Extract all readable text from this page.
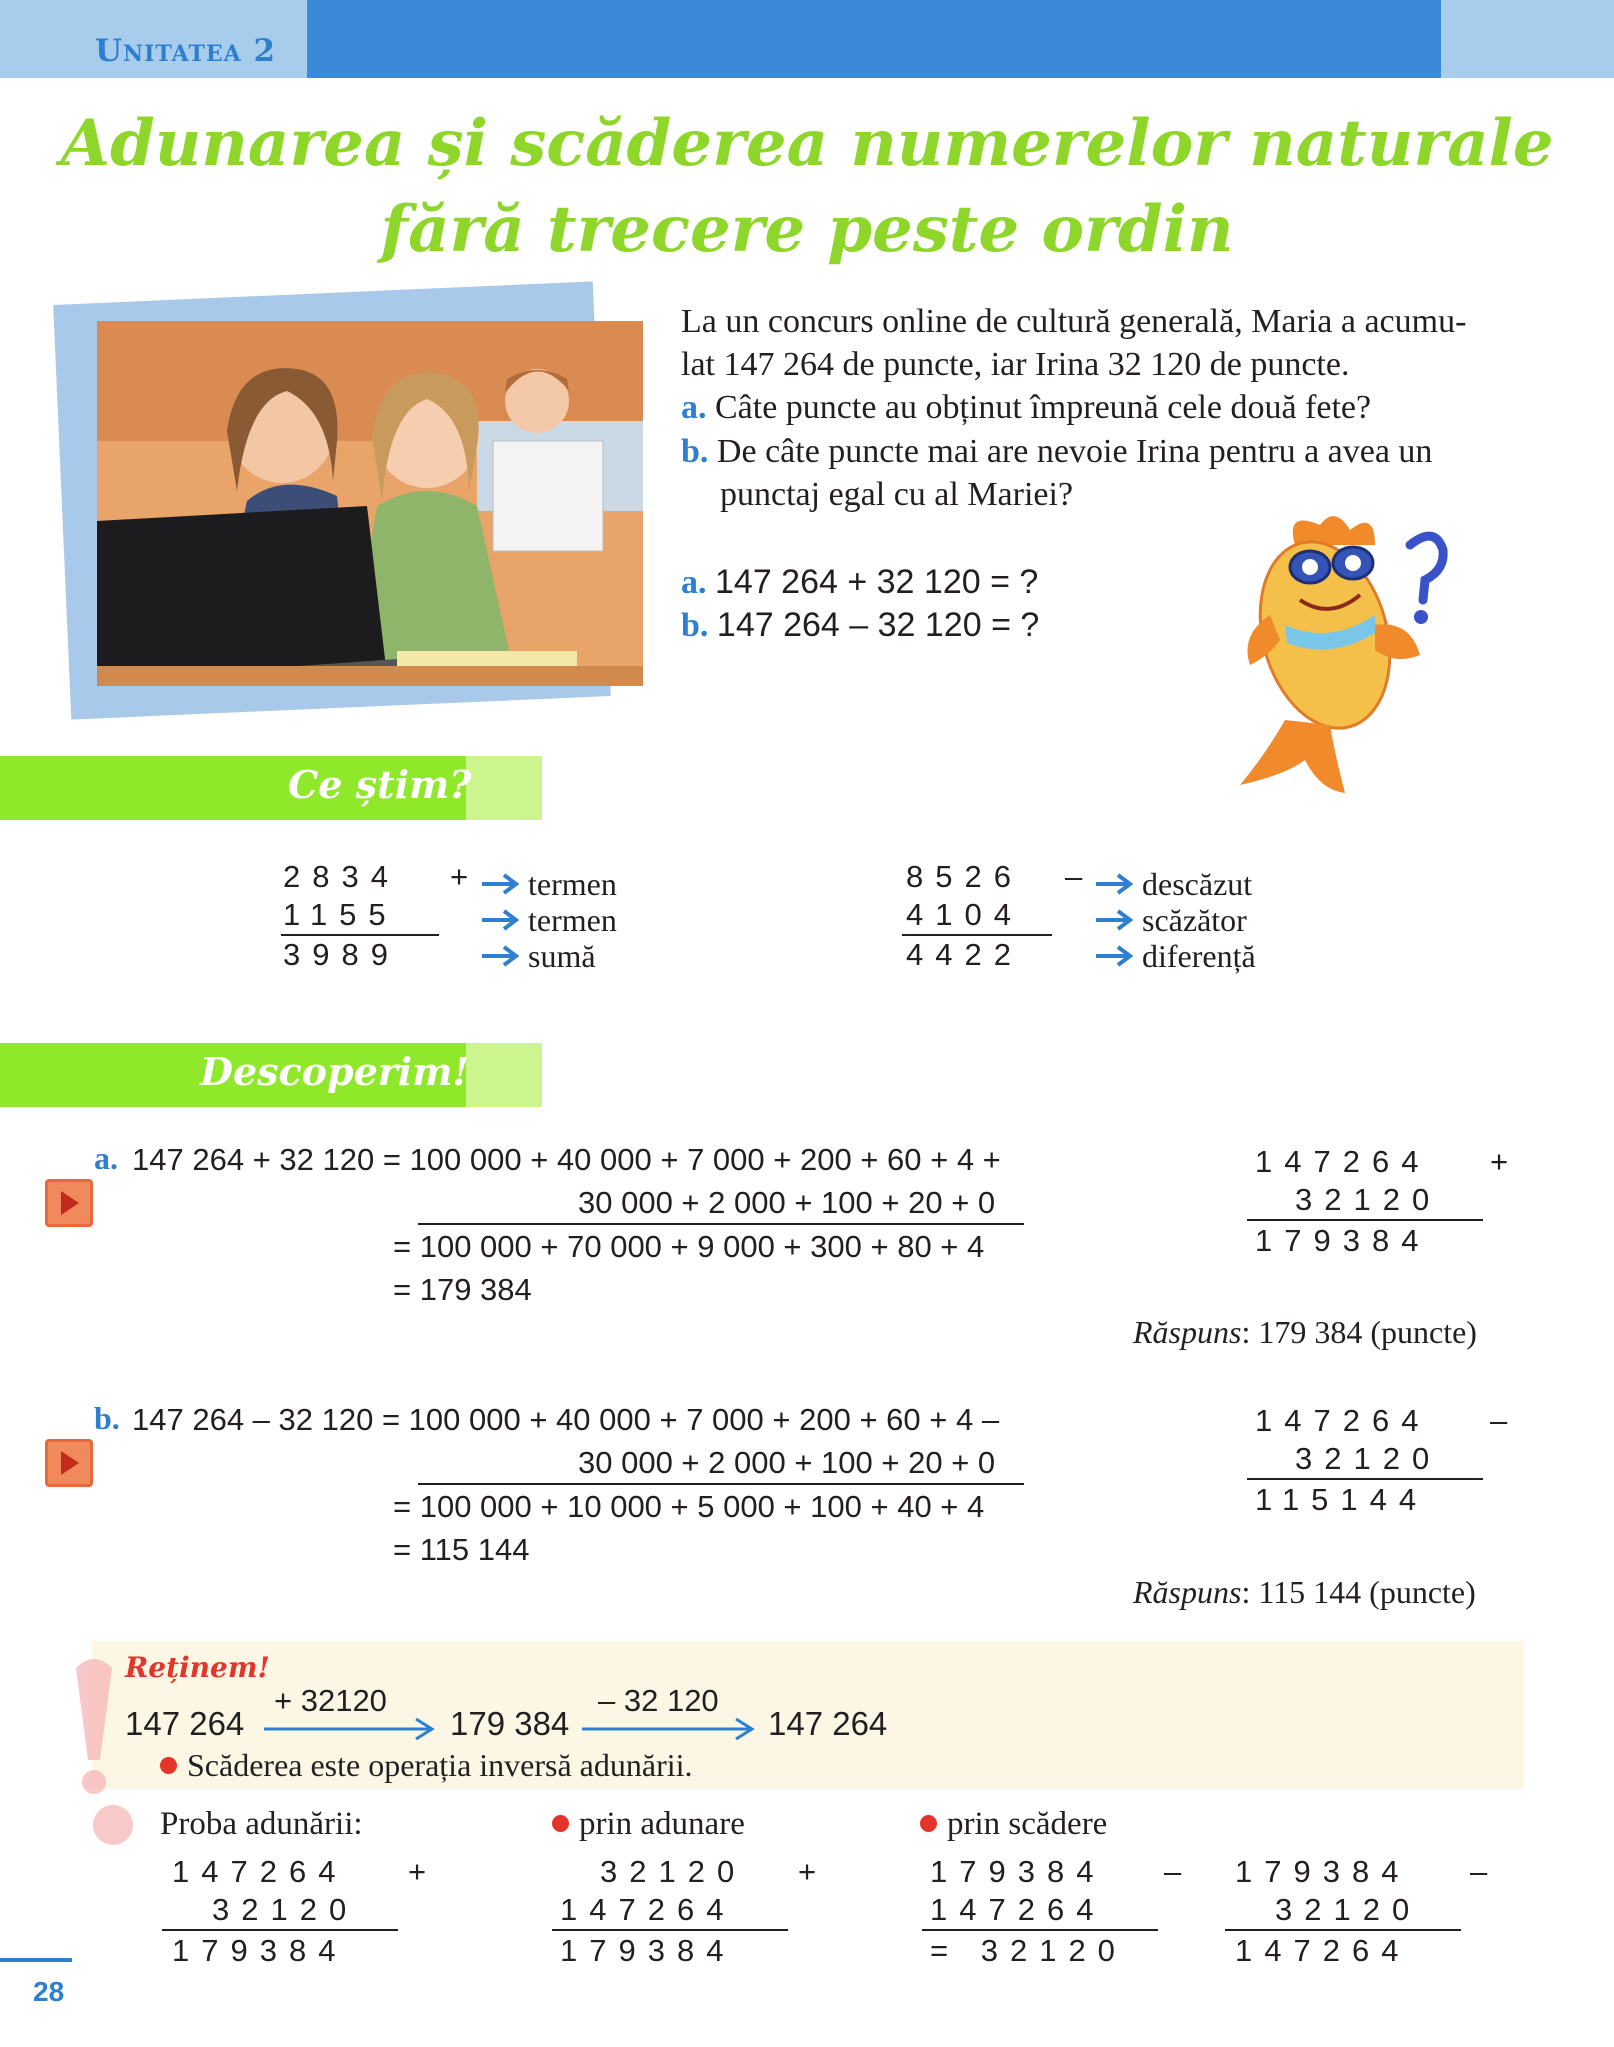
Unitatea 2
Adunarea și scăderea numerelor naturale
fără trecere peste ordin
La un concurs online de cultură generală, Maria a acumu-
lat 147 264 de puncte, iar Irina 32 120 de puncte.
a. Câte puncte au obținut împreună cele două fete?
b. De câte puncte mai are nevoie Irina pentru a avea un
punctaj egal cu al Mariei?
a. 147 264 + 32 120 = ?
b. 147 264 – 32 120 = ?
Ce știm?
2834
1155
3989
+ termen
termen
sumă
8526
4104
4422
– descăzut
scăzător
diferență
Descoperim!
a. 147 264 + 32 120 = 100 000 + 40 000 + 7 000 + 200 + 60 + 4 +
30 000 + 2 000 + 100 + 20 + 0
= 100 000 + 70 000 + 9 000 + 300 + 80 + 4
= 179 384
147264 +
32120
179384
Răspuns: 179 384 (puncte)
b. 147 264 – 32 120 = 100 000 + 40 000 + 7 000 + 200 + 60 + 4 –
30 000 + 2 000 + 100 + 20 + 0
= 100 000 + 10 000 + 5 000 + 100 + 40 + 4
= 115 144
147264 –
32120
115144
Răspuns: 115 144 (puncte)
Reținem!
147 264
+ 32120
179 384
– 32 120
147 264
Scăderea este operația inversă adunării.
Proba adunării:
147264 +
32120
179384
prin adunare
32120 +
147264
179384
prin scădere
179384 –
147264
= 32120
179384 –
32120
147264
28
